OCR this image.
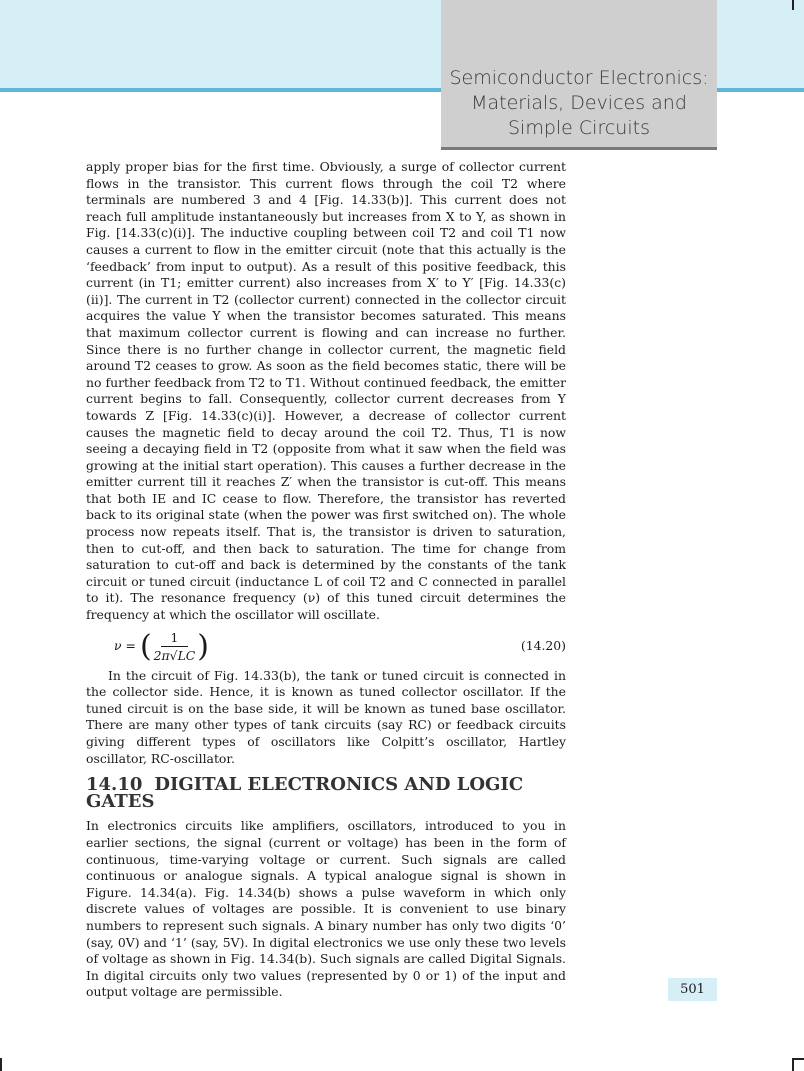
Semiconductor Electronics:
Materials, Devices and
Simple Circuits

apply proper bias for the first time. Obviously, a surge of collector current flows in the transistor. This current flows through the coil T2 where terminals are numbered 3 and 4 [Fig. 14.33(b)]. This current does not reach full amplitude instantaneously but increases from X to Y, as shown in Fig. [14.33(c)(i)]. The inductive coupling between coil T2 and coil T1 now causes a current to flow in the emitter circuit (note that this actually is the ‘feedback’ from input to output). As a result of this positive feedback, this current (in T1; emitter current) also increases from X′ to Y′ [Fig. 14.33(c)(ii)]. The current in T2 (collector current) connected in the collector circuit acquires the value Y when the transistor becomes saturated. This means that maximum collector current is flowing and can increase no further. Since there is no further change in collector current, the magnetic field around T2 ceases to grow. As soon as the field becomes static, there will be no further feedback from T2 to T1. Without continued feedback, the emitter current begins to fall. Consequently, collector current decreases from Y towards Z [Fig. 14.33(c)(i)]. However, a decrease of collector current causes the magnetic field to decay around the coil T2. Thus, T1 is now seeing a decaying field in T2 (opposite from what it saw when the field was growing at the initial start operation). This causes a further decrease in the emitter current till it reaches Z′ when the transistor is cut-off. This means that both IE and IC cease to flow. Therefore, the transistor has reverted back to its original state (when the power was first switched on). The whole process now repeats itself. That is, the transistor is driven to saturation, then to cut-off, and then back to saturation. The time for change from saturation to cut-off and back is determined by the constants of the tank circuit or tuned circuit (inductance L of coil T2 and C connected in parallel to it). The resonance frequency (ν) of this tuned circuit determines the frequency at which the oscillator will oscillate.

ν = ( $\frac{1}{2\pi√LC}$ )	(14.20)

In the circuit of Fig. 14.33(b), the tank or tuned circuit is connected in the collector side. Hence, it is known as tuned collector oscillator. If the tuned circuit is on the base side, it will be known as tuned base oscillator. There are many other types of tank circuits (say RC) or feedback circuits giving different types of oscillators like Colpitt’s oscillator, Hartley oscillator, RC-oscillator.

14.10 DIGITAL ELECTRONICS AND LOGIC GATES

In electronics circuits like amplifiers, oscillators, introduced to you in earlier sections, the signal (current or voltage) has been in the form of continuous, time-varying voltage or current. Such signals are called continuous or analogue signals. A typical analogue signal is shown in Figure. 14.34(a). Fig. 14.34(b) shows a pulse waveform in which only discrete values of voltages are possible. It is convenient to use binary numbers to represent such signals. A binary number has only two digits ‘0’ (say, 0V) and ‘1’ (say, 5V). In digital electronics we use only these two levels of voltage as shown in Fig. 14.34(b). Such signals are called Digital Signals. In digital circuits only two values (represented by 0 or 1) of the input and output voltage are permissible.	501
